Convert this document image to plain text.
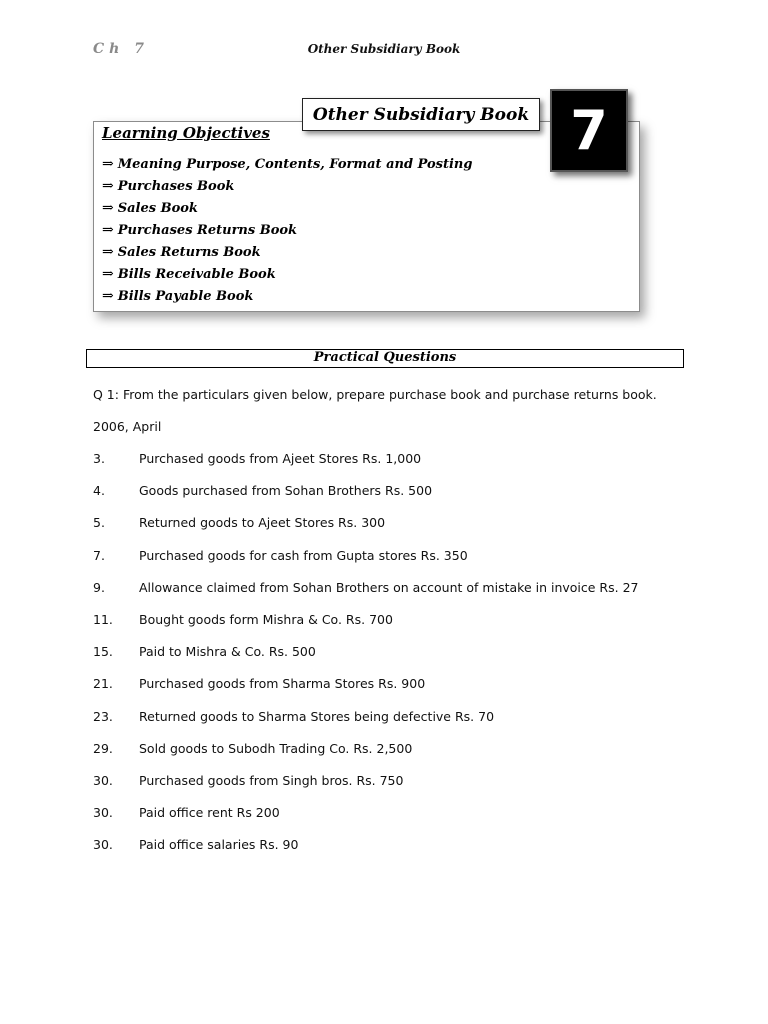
Ch 7	Other Subsidiary Book
Other Subsidiary Book 7
Learning Objectives
⇒ Meaning Purpose, Contents, Format and Posting
⇒ Purchases Book
⇒ Sales Book
⇒ Purchases Returns Book
⇒ Sales Returns Book
⇒ Bills Receivable Book
⇒ Bills Payable Book
Practical Questions
Q 1: From the particulars given below, prepare purchase book and purchase returns book.
2006, April
3.	Purchased goods from Ajeet Stores Rs. 1,000
4.	Goods purchased from Sohan Brothers Rs. 500
5.	Returned goods to Ajeet Stores Rs. 300
7.	Purchased goods for cash from Gupta stores Rs. 350
9.	Allowance claimed from Sohan Brothers on account of mistake in invoice Rs. 27
11. Bought goods form Mishra & Co. Rs. 700
15. Paid to Mishra & Co. Rs. 500
21. Purchased goods from Sharma Stores Rs. 900
23. Returned goods to Sharma Stores being defective Rs. 70
29. Sold goods to Subodh Trading Co. Rs. 2,500
30. Purchased goods from Singh bros. Rs. 750
30. Paid office rent Rs 200
30. Paid office salaries Rs. 90
